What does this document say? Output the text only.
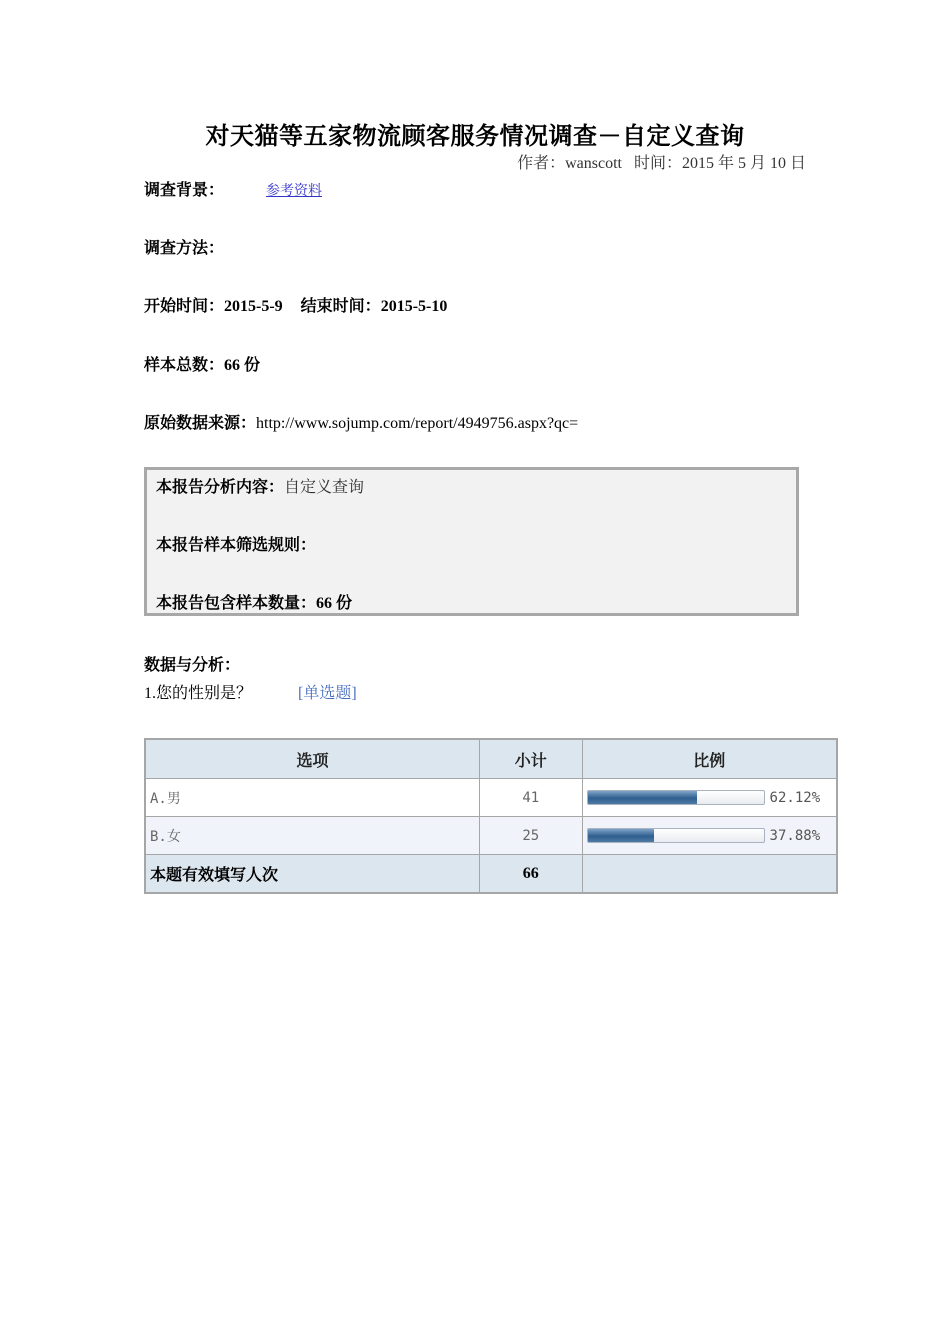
对天猫等五家物流顾客服务情况调查－自定义查询
作者：wanscott 时间：2015 年 5 月 10 日
调查背景：	参考资料
调查方法：
开始时间：2015-5-9 结束时间：2015-5-10
样本总数：66 份
原始数据来源：http://www.sojump.com/report/4949756.aspx?qc=
本报告分析内容：自定义查询
本报告样本筛选规则：
本报告包含样本数量：66 份
数据与分析：
1.您的性别是？	[单选题]
选项	小计	比例
A.男	41	62.12%

B.女	25	37.88%

本题有效填写人次	66	
